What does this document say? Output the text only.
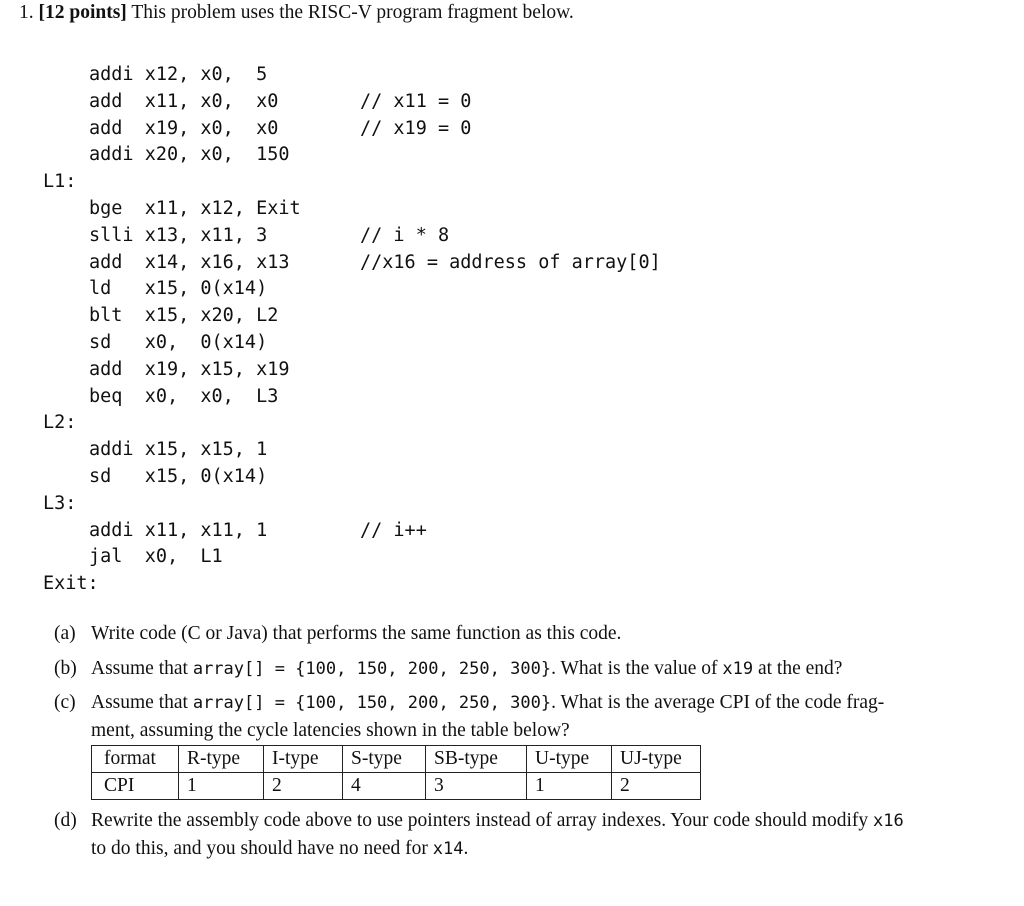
1. [12 points] This problem uses the RISC-V program fragment below.
addi x12, x0,  5
add  x11, x0,  x0	// x11 = 0
add  x19, x0,  x0	// x19 = 0
addi x20, x0,  150
L1:
bge  x11, x12, Exit
slli x13, x11, 3	// i * 8
add  x14, x16, x13	//x16 = address of array[0]
ld   x15, 0(x14)
blt  x15, x20, L2
sd   x0,  0(x14)
add  x19, x15, x19
beq  x0,  x0,  L3
L2:
addi x15, x15, 1
sd   x15, 0(x14)
L3:
addi x11, x11, 1	// i++
jal  x0,  L1
Exit:
(a) Write code (C or Java) that performs the same function as this code.
(b) Assume that array[] = {100, 150, 200, 250, 300}. What is the value of x19 at the end?
(c) Assume that array[] = {100, 150, 200, 250, 300}. What is the average CPI of the code frag-
ment, assuming the cycle latencies shown in the table below?
(d) Rewrite the assembly code above to use pointers instead of array indexes. Your code should modify x16
to do this, and you should have no need for x14.
format	R-type	I-type	S-type	SB-type	U-type	UJ-type
CPI	1	2	4	3	1	2
